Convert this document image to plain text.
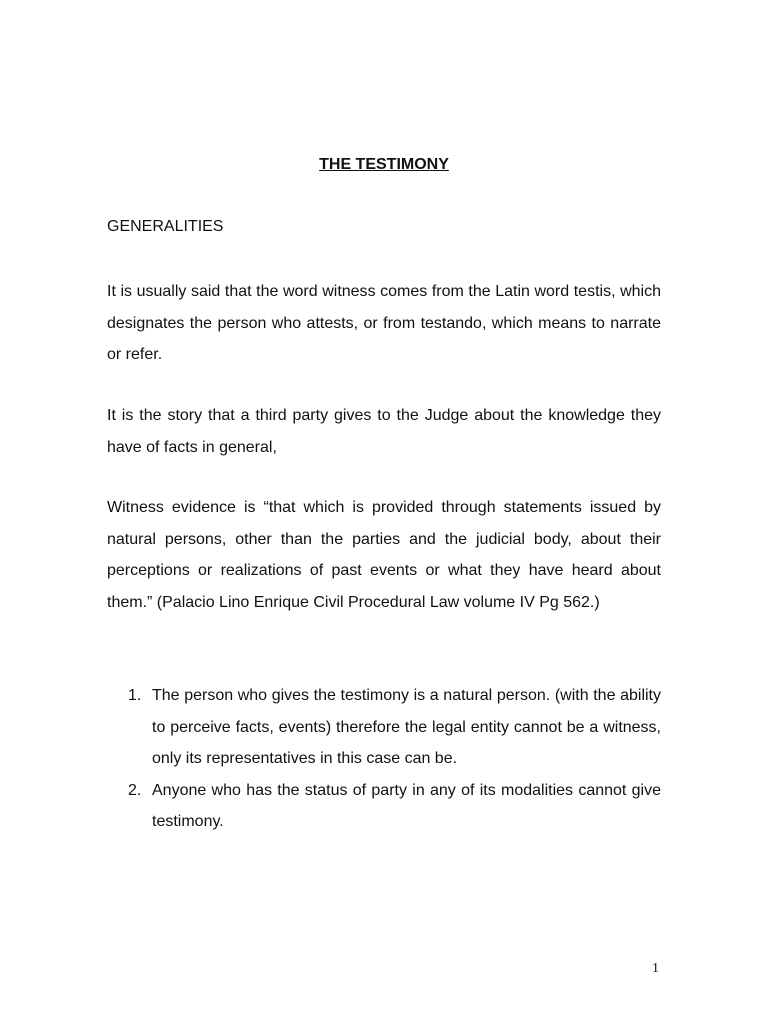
THE TESTIMONY
GENERALITIES

It is usually said that the word witness comes from the Latin word testis, which designates the person who attests, or from testando, which means to narrate or refer.

It is the story that a third party gives to the Judge about the knowledge they have of facts in general,

Witness evidence is “that which is provided through statements issued by natural persons, other than the parties and the judicial body, about their perceptions or realizations of past events or what they have heard about them.” (Palacio Lino Enrique Civil Procedural Law volume IV Pg 562.)

1. The person who gives the testimony is a natural person. (with the ability to perceive facts, events) therefore the legal entity cannot be a witness, only its representatives in this case can be.
2. Anyone who has the status of party in any of its modalities cannot give testimony.
1
